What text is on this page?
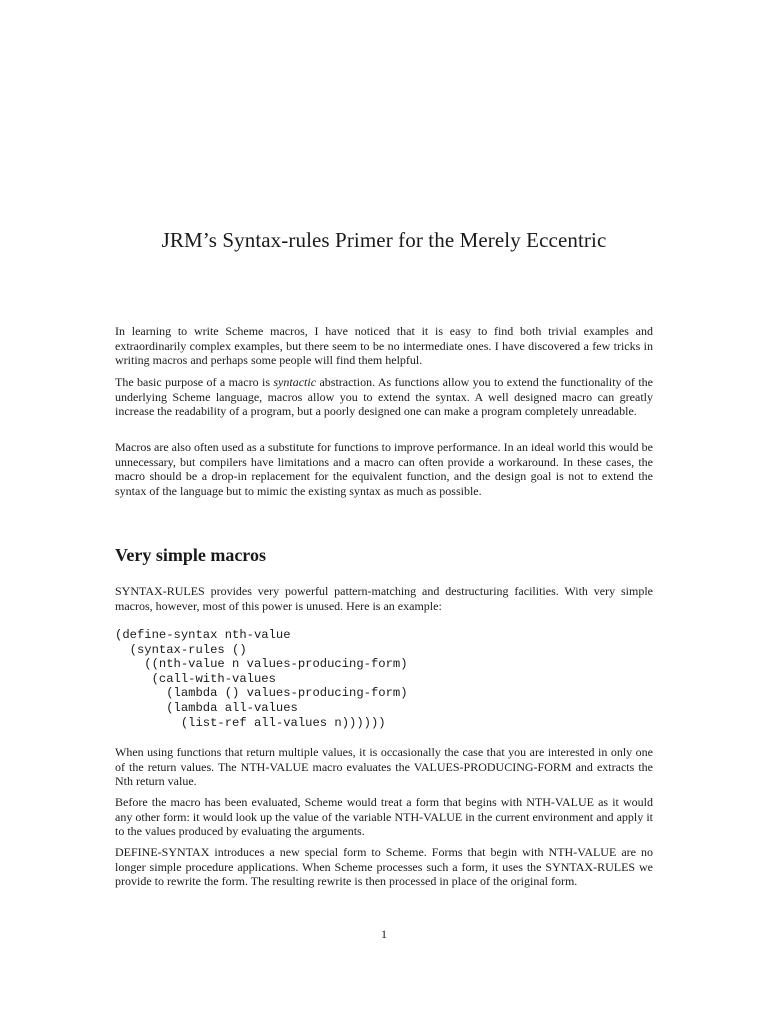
JRM’s Syntax-rules Primer for the Merely Eccentric

In learning to write Scheme macros, I have noticed that it is easy to find both trivial examples and extraordinarily complex examples, but there seem to be no intermediate ones. I have discovered a few tricks in writing macros and perhaps some people will find them helpful.

The basic purpose of a macro is syntactic abstraction. As functions allow you to extend the functionality of the underlying Scheme language, macros allow you to extend the syntax. A well designed macro can greatly increase the readability of a program, but a poorly designed one can make a program completely unreadable.

Macros are also often used as a substitute for functions to improve performance. In an ideal world this would be unnecessary, but compilers have limitations and a macro can often provide a workaround. In these cases, the macro should be a drop-in replacement for the equivalent function, and the design goal is not to extend the syntax of the language but to mimic the existing syntax as much as possible.

Very simple macros

SYNTAX-RULES provides very powerful pattern-matching and destructuring facilities. With very simple macros, however, most of this power is unused. Here is an example:

(define-syntax nth-value
(syntax-rules ()
((nth-value n values-producing-form)
(call-with-values
(lambda () values-producing-form)
(lambda all-values
(list-ref all-values n))))))

When using functions that return multiple values, it is occasionally the case that you are interested in only one of the return values. The NTH-VALUE macro evaluates the VALUES-PRODUCING-FORM and extracts the Nth return value.

Before the macro has been evaluated, Scheme would treat a form that begins with NTH-VALUE as it would any other form: it would look up the value of the variable NTH-VALUE in the current environment and apply it to the values produced by evaluating the arguments.

DEFINE-SYNTAX introduces a new special form to Scheme. Forms that begin with NTH-VALUE are no longer simple procedure applications. When Scheme processes such a form, it uses the SYNTAX-RULES we provide to rewrite the form. The resulting rewrite is then processed in place of the original form.

1
